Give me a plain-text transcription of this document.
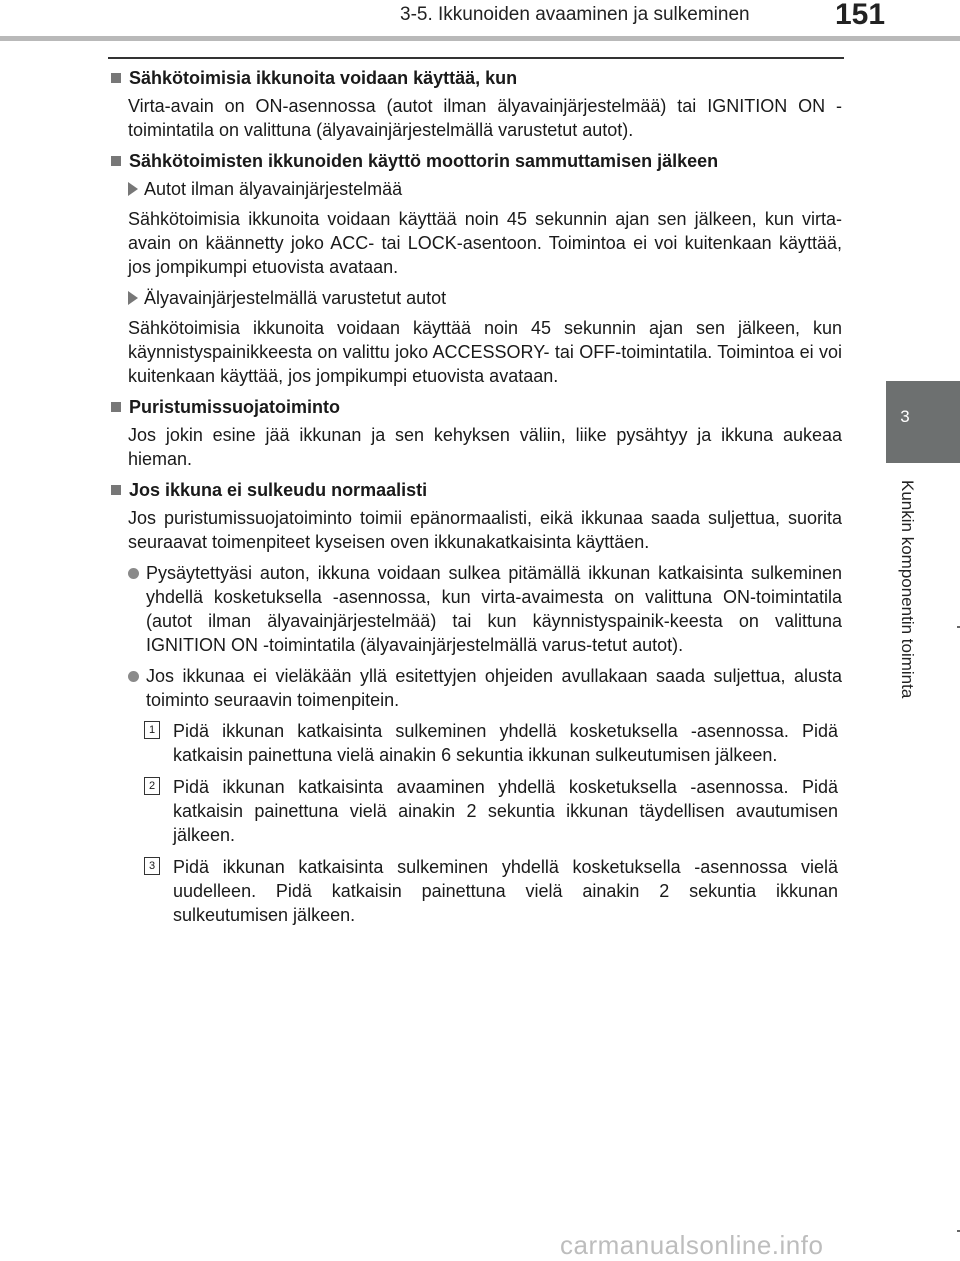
3-5. Ikkunoiden avaaminen ja sulkeminen	151
3
Kunkin komponentin toiminta
Sähkötoimisia ikkunoita voidaan käyttää, kun
Virta-avain on ON-asennossa (autot ilman älyavainjärjestelmää) tai IGNITION ON -toimintatila on valittuna (älyavainjärjestelmällä varustetut autot).
Sähkötoimisten ikkunoiden käyttö moottorin sammuttamisen jälkeen
Autot ilman älyavainjärjestelmää
Sähkötoimisia ikkunoita voidaan käyttää noin 45 sekunnin ajan sen jälkeen, kun virta-avain on käännetty joko ACC- tai LOCK-asentoon. Toimintoa ei voi kuitenkaan käyttää, jos jompikumpi etuovista avataan.
Älyavainjärjestelmällä varustetut autot
Sähkötoimisia ikkunoita voidaan käyttää noin 45 sekunnin ajan sen jälkeen, kun käynnistyspainikkeesta on valittu joko ACCESSORY- tai OFF-toimintatila. Toimintoa ei voi kuitenkaan käyttää, jos jompikumpi etuovista avataan.
Puristumissuojatoiminto
Jos jokin esine jää ikkunan ja sen kehyksen väliin, liike pysähtyy ja ikkuna aukeaa hieman.
Jos ikkuna ei sulkeudu normaalisti
Jos puristumissuojatoiminto toimii epänormaalisti, eikä ikkunaa saada suljettua, suorita seuraavat toimenpiteet kyseisen oven ikkunakatkaisinta käyttäen.
Pysäytettyäsi auton, ikkuna voidaan sulkea pitämällä ikkunan katkaisinta sulkeminen yhdellä kosketuksella -asennossa, kun virta-avaimesta on valittuna ON-toimintatila (autot ilman älyavainjärjestelmää) tai kun käynnistyspainik-keesta on valittuna IGNITION ON -toimintatila (älyavainjärjestelmällä varus-tetut autot).
Jos ikkunaa ei vieläkään yllä esitettyjen ohjeiden avullakaan saada suljettua, alusta toiminto seuraavin toimenpitein.
1 Pidä ikkunan katkaisinta sulkeminen yhdellä kosketuksella -asennossa. Pidä katkaisin painettuna vielä ainakin 6 sekuntia ikkunan sulkeutumisen jälkeen.
2 Pidä ikkunan katkaisinta avaaminen yhdellä kosketuksella -asennossa. Pidä katkaisin painettuna vielä ainakin 2 sekuntia ikkunan täydellisen avautumisen jälkeen.
3 Pidä ikkunan katkaisinta sulkeminen yhdellä kosketuksella -asennossa vielä uudelleen. Pidä katkaisin painettuna vielä ainakin 2 sekuntia ikkunan sulkeutumisen jälkeen.
carmanualsonline.info
